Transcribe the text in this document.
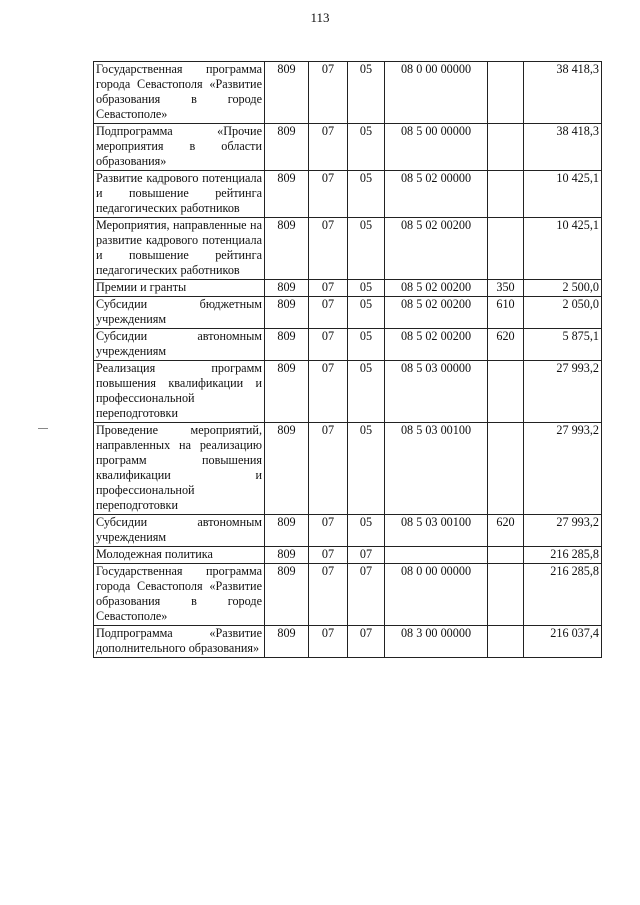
113
Государственная программа города Севастополя «Развитие образования в городе Севастополе»	809	07	05	08 0 00 00000		38 418,3
Подпрограмма «Прочие мероприятия в области образования»	809	07	05	08 5 00 00000		38 418,3
Развитие кадрового потенциала и повышение рейтинга педагогических работников	809	07	05	08 5 02 00000		10 425,1
Мероприятия, направленные на развитие кадрового потенциала и повышение рейтинга педагогических работников	809	07	05	08 5 02 00200		10 425,1
Премии и гранты	809	07	05	08 5 02 00200	350	2 500,0
Субсидии бюджетным учреждениям	809	07	05	08 5 02 00200	610	2 050,0
Субсидии автономным учреждениям	809	07	05	08 5 02 00200	620	5 875,1
Реализация программ повышения квалификации и профессиональной переподготовки	809	07	05	08 5 03 00000		27 993,2
Проведение мероприятий, направленных на реализацию программ повышения квалификации и профессиональной переподготовки	809	07	05	08 5 03 00100		27 993,2
Субсидии автономным учреждениям	809	07	05	08 5 03 00100	620	27 993,2
Молодежная политика	809	07	07			216 285,8
Государственная программа города Севастополя «Развитие образования в городе Севастополе»	809	07	07	08 0 00 00000		216 285,8
Подпрограмма «Развитие дополнительного образования»	809	07	07	08 3 00 00000		216 037,4
